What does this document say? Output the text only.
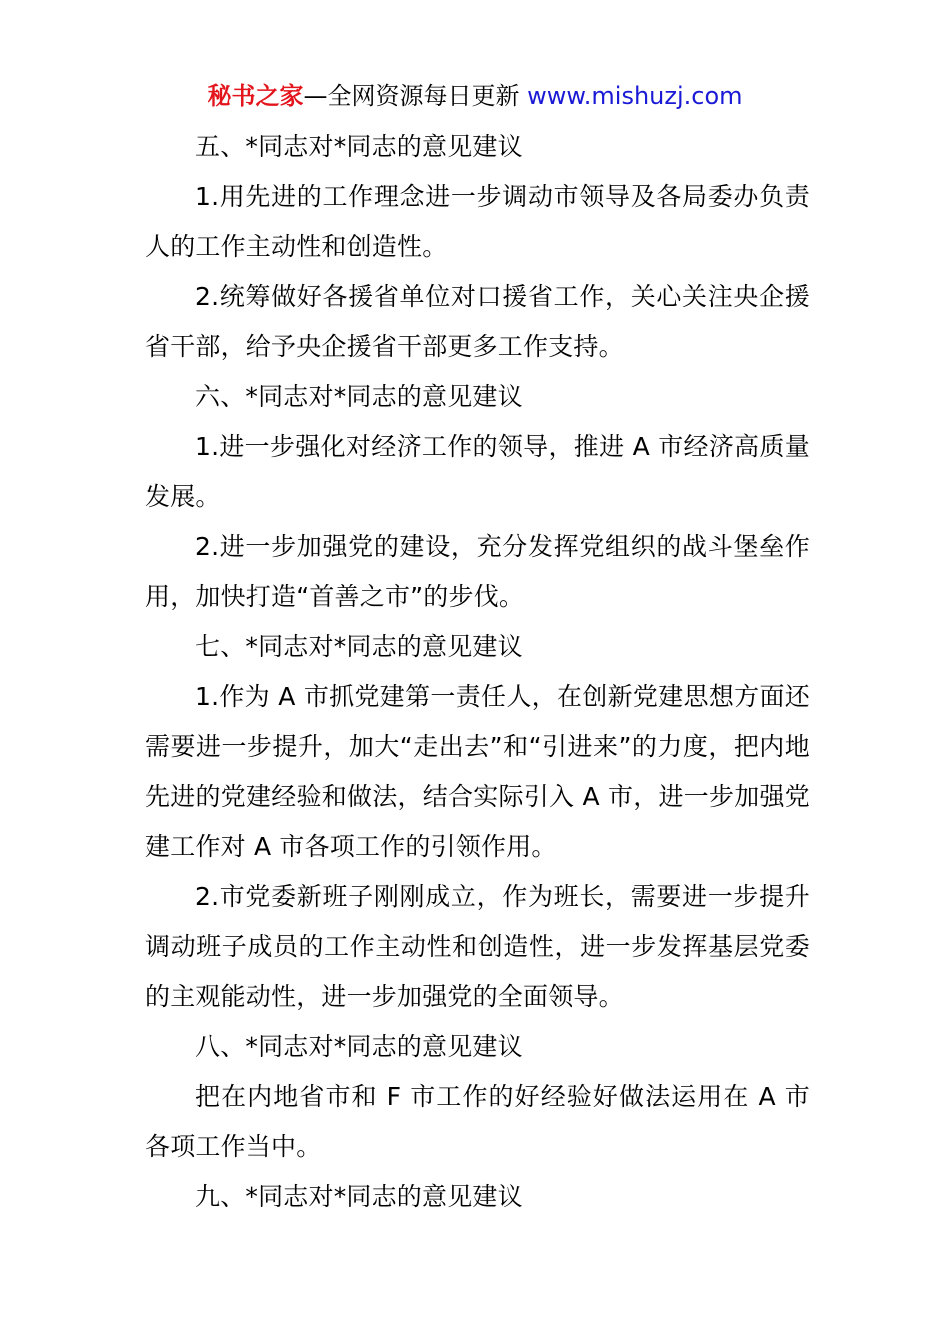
秘书之家—全网资源每日更新 www.mishuzj.com

五、*同志对*同志的意见建议

1.用先进的工作理念进一步调动市领导及各局委办负责人的工作主动性和创造性。

2.统筹做好各援省单位对口援省工作，关心关注央企援省干部，给予央企援省干部更多工作支持。

六、*同志对*同志的意见建议

1.进一步强化对经济工作的领导，推进 A 市经济高质量发展。

2.进一步加强党的建设，充分发挥党组织的战斗堡垒作用，加快打造“首善之市”的步伐。

七、*同志对*同志的意见建议

1.作为 A 市抓党建第一责任人，在创新党建思想方面还需要进一步提升，加大“走出去”和“引进来”的力度，把内地先进的党建经验和做法，结合实际引入 A 市，进一步加强党建工作对 A 市各项工作的引领作用。

2.市党委新班子刚刚成立，作为班长，需要进一步提升调动班子成员的工作主动性和创造性，进一步发挥基层党委的主观能动性，进一步加强党的全面领导。

八、*同志对*同志的意见建议

把在内地省市和 F 市工作的好经验好做法运用在 A 市各项工作当中。

九、*同志对*同志的意见建议
